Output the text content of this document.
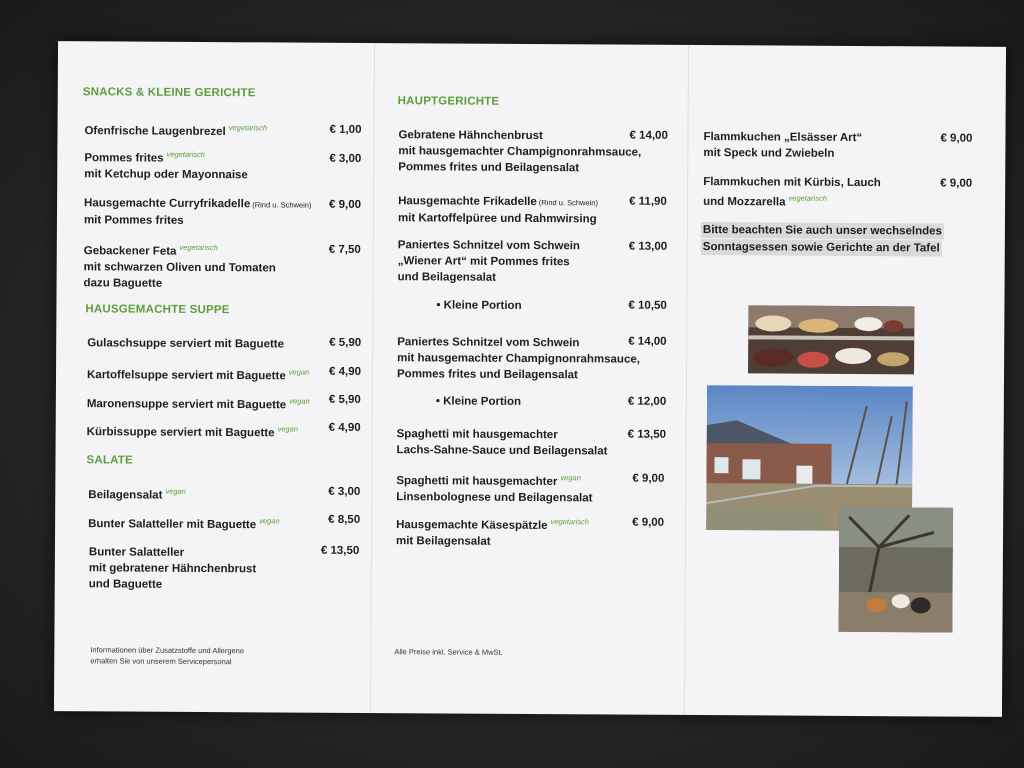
SNACKS & KLEINE GERICHTE
Ofenfrische Laugenbrezel $^{vegetarisch}$	€ 1,00
Pommes frites $^{vegetarisch}$
mit Ketchup oder Mayonnaise
€ 3,00
Hausgemachte Curryfrikadelle (Rind u. Schwein)
mit Pommes frites
€ 9,00
Gebackener Feta $^{vegetarisch}$
mit schwarzen Oliven und Tomaten
dazu Baguette
€ 7,50
HAUSGEMACHTE SUPPE
Gulaschsuppe serviert mit Baguette	€ 5,90
Kartoffelsuppe serviert mit Baguette $^{vegan}$ € 4,90
Maronensuppe serviert mit Baguette $^{vegan}$ € 5,90
Kürbissuppe serviert mit Baguette $^{vegan}$	€ 4,90
SALATE
Beilagensalat $^{vegan}$	€ 3,00
Bunter Salatteller mit Baguette $^{vegan}$	€ 8,50
Bunter Salatteller
mit gebratener Hähnchenbrust
und Baguette
€ 13,50
Informationen über Zusatzstoffe und Allergene
erhalten Sie von unserem Servicepersonal
HAUPTGERICHTE
Gebratene Hähnchenbrust
mit hausgemachter Champignonrahmsauce,
Pommes frites und Beilagensalat
€ 14,00
Hausgemachte Frikadelle (Rind u. Schwein)
mit Kartoffelpüree und Rahmwirsing
€ 11,90
Paniertes Schnitzel vom Schwein
„Wiener Art“ mit Pommes frites
und Beilagensalat
€ 13,00
• Kleine Portion	€ 10,50
Paniertes Schnitzel vom Schwein
mit hausgemachter Champignonrahmsauce,
Pommes frites und Beilagensalat
€ 14,00
• Kleine Portion	€ 12,00
Spaghetti mit hausgemachter
Lachs-Sahne-Sauce und Beilagensalat
€ 13,50
Spaghetti mit hausgemachter $^{vegan}$
Linsenbolognese und Beilagensalat
€ 9,00
Hausgemachte Käsespätzle $^{vegetarisch}$
mit Beilagensalat
€ 9,00
Alle Preise inkl. Service & MwSt.
Flammkuchen „Elsässer Art“
mit Speck und Zwiebeln
€ 9,00
Flammkuchen mit Kürbis, Lauch
und Mozzarella $^{vegetarisch}$
€ 9,00
Bitte beachten Sie auch unser wechselndes
Sonntagsessen sowie Gerichte an der Tafel
